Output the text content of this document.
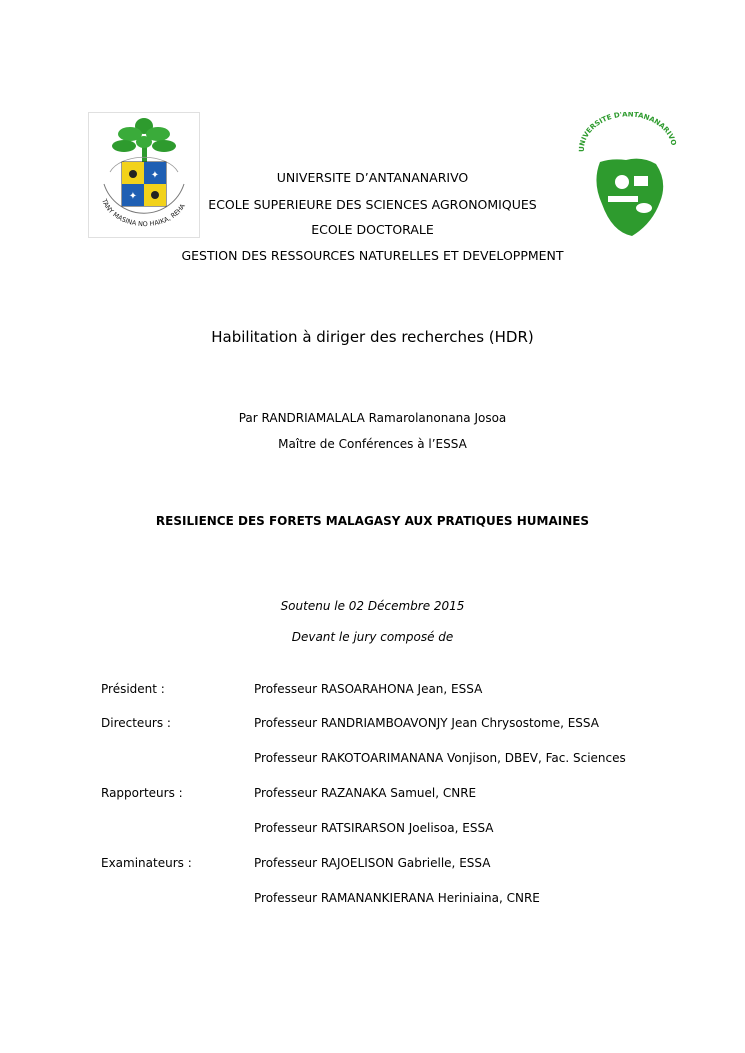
✦
✦
TANY MASINA NO HAIKA, REHA
UNIVERSITE D'ANTANANARIVO
UNIVERSITE D’ANTANANARIVO
ECOLE SUPERIEURE DES SCIENCES AGRONOMIQUES
ECOLE DOCTORALE
GESTION DES RESSOURCES NATURELLES ET DEVELOPPMENT
Habilitation à diriger des recherches (HDR)
Par RANDRIAMALALA Ramarolanonana Josoa
Maître de Conférences à l’ESSA
RESILIENCE DES FORETS MALAGASY AUX PRATIQUES HUMAINES
Soutenu le 02 Décembre 2015
Devant le jury composé de
Président :	Professeur RASOARAHONA Jean, ESSA
Directeurs :	Professeur RANDRIAMBOAVONJY Jean Chrysostome, ESSA
Professeur RAKOTOARIMANANA Vonjison, DBEV, Fac. Sciences
Rapporteurs :	Professeur RAZANAKA Samuel, CNRE
Professeur RATSIRARSON Joelisoa, ESSA
Examinateurs :	Professeur RAJOELISON Gabrielle, ESSA
Professeur RAMANANKIERANA Heriniaina, CNRE
